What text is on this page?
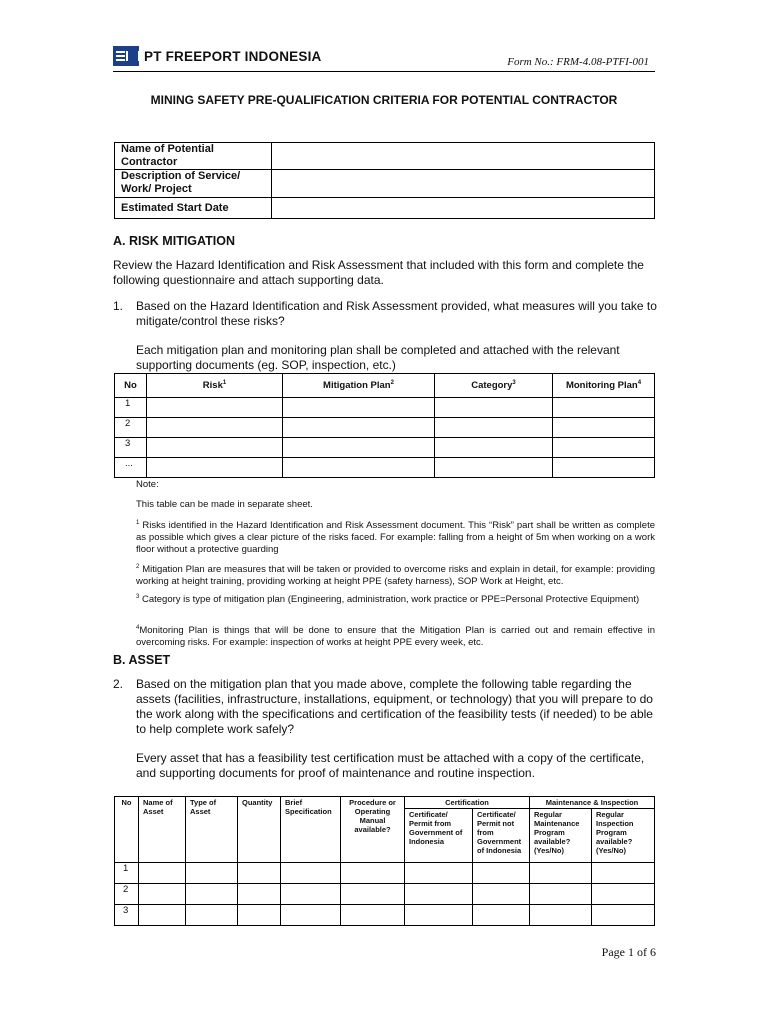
PT FREEPORT INDONESIA	Form No.: FRM-4.08-PTFI-001
MINING SAFETY PRE-QUALIFICATION CRITERIA FOR POTENTIAL CONTRACTOR
Name of Potential Contractor	
Description of Service/ Work/ Project	
Estimated Start Date	
A. RISK MITIGATION
Review the Hazard Identification and Risk Assessment that included with this form and complete the following questionnaire and attach supporting data.
1. Based on the Hazard Identification and Risk Assessment provided, what measures will you take to mitigate/control these risks?
Each mitigation plan and monitoring plan shall be completed and attached with the relevant supporting documents (eg. SOP, inspection, etc.)
No	Risk$^1$	Mitigation Plan$^2$	Category$^3$	Monitoring Plan$^4$
1				
2				
3				
...				
Note:
This table can be made in separate sheet.
$^1$ Risks identified in the Hazard Identification and Risk Assessment document. This “Risk” part shall be written as complete as possible which gives a clear picture of the risks faced. For example: falling from a height of 5m when working on a work floor without a protective guarding
$^2$ Mitigation Plan are measures that will be taken or provided to overcome risks and explain in detail, for example: providing working at height training, providing working at height PPE (safety harness), SOP Work at Height, etc.
$^3$ Category is type of mitigation plan (Engineering, administration, work practice or PPE=Personal Protective Equipment)
$^4$Monitoring Plan is things that will be done to ensure that the Mitigation Plan is carried out and remain effective in overcoming risks. For example: inspection of works at height PPE every week, etc.
B. ASSET
2. Based on the mitigation plan that you made above, complete the following table regarding the assets (facilities, infrastructure, installations, equipment, or technology) that you will prepare to do the work along with the specifications and certification of the feasibility tests (if needed) to be able to help complete work safely?
Every asset that has a feasibility test certification must be attached with a copy of the certificate, and supporting documents for proof of maintenance and routine inspection.
No	Name of Asset	Type of Asset	Quantity	Brief Specification	Procedure or Operating Manual available?	Certification		Maintenance & Inspection	
						Certificate/ Permit from Government of Indonesia	Certificate/ Permit not from Government of Indonesia	Regular Maintenance Program available? (Yes/No)	Regular Inspection Program available? (Yes/No)
1									
2									
3									
Page 1 of 6
